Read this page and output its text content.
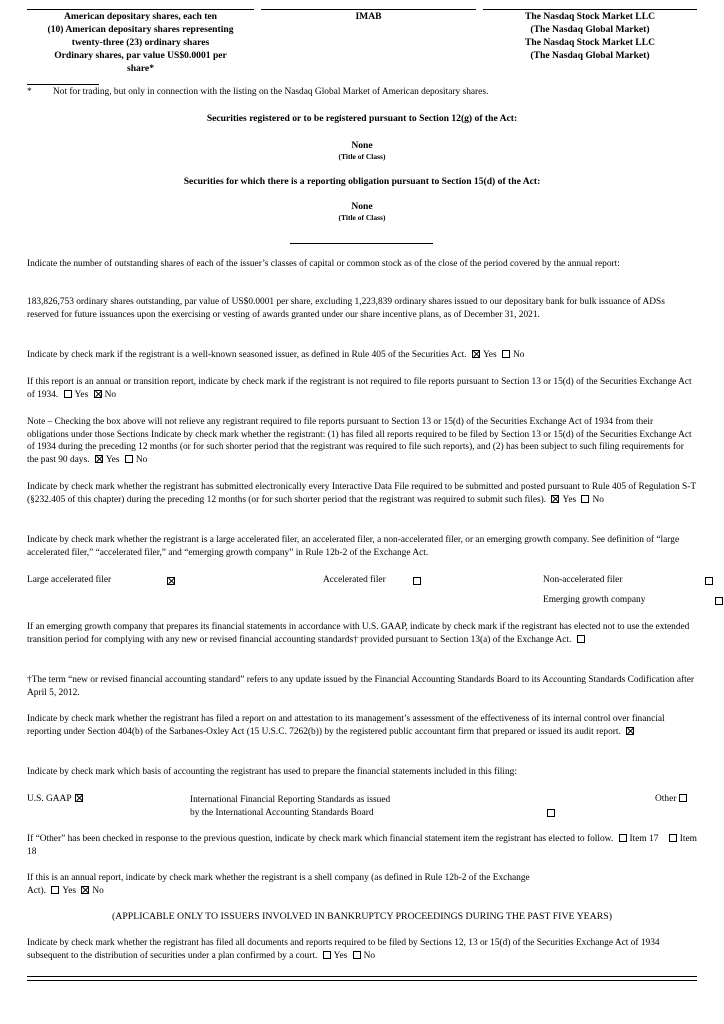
American depositary shares, each ten
(10) American depositary shares representing
twenty-three (23) ordinary shares
Ordinary shares, par value US$0.0001 per
share*
IMAB	The Nasdaq Stock Market LLC
(The Nasdaq Global Market)
The Nasdaq Stock Market LLC
(The Nasdaq Global Market)
* Not for trading, but only in connection with the listing on the Nasdaq Global Market of American depositary shares.
Securities registered or to be registered pursuant to Section 12(g) of the Act:
None
(Title of Class)
Securities for which there is a reporting obligation pursuant to Section 15(d) of the Act:
None
(Title of Class)
Indicate the number of outstanding shares of each of the issuer’s classes of capital or common stock as of the close of the period covered by the annual report:
183,826,753 ordinary shares outstanding, par value of US$0.0001 per share, excluding 1,223,839 ordinary shares issued to our depositary bank for bulk issuance of ADSs reserved for future issuances upon the exercising or vesting of awards granted under our share incentive plans, as of December 31, 2021.
Indicate by check mark if the registrant is a well-known seasoned issuer, as defined in Rule 405 of the Securities Act. Yes No
If this report is an annual or transition report, indicate by check mark if the registrant is not required to file reports pursuant to Section 13 or 15(d) of the Securities Exchange Act of 1934. Yes No
Note – Checking the box above will not relieve any registrant required to file reports pursuant to Section 13 or 15(d) of the Securities Exchange Act of 1934 from their obligations under those Sections Indicate by check mark whether the registrant: (1) has filed all reports required to be filed by Section 13 or 15(d) of the Securities Exchange Act of 1934 during the preceding 12 months (or for such shorter period that the registrant was required to file such reports), and (2) has been subject to such filing requirements for the past 90 days. Yes No
Indicate by check mark whether the registrant has submitted electronically every Interactive Data File required to be submitted and posted pursuant to Rule 405 of Regulation S-T (§232.405 of this chapter) during the preceding 12 months (or for such shorter period that the registrant was required to submit such files). Yes No
Indicate by check mark whether the registrant is a large accelerated filer, an accelerated filer, a non-accelerated filer, or an emerging growth company. See definition of “large accelerated filer,” “accelerated filer,” and “emerging growth company” in Rule 12b-2 of the Exchange Act.
Large accelerated filer
	Accelerated filer
	Non-accelerated filer

Emerging growth company

If an emerging growth company that prepares its financial statements in accordance with U.S. GAAP, indicate by check mark if the registrant has elected not to use the extended transition period for complying with any new or revised financial accounting standards† provided pursuant to Section 13(a) of the Exchange Act.
†The term “new or revised financial accounting standard” refers to any update issued by the Financial Accounting Standards Board to its Accounting Standards Codification after April 5, 2012.
Indicate by check mark whether the registrant has filed a report on and attestation to its management’s assessment of the effectiveness of its internal control over financial reporting under Section 404(b) of the Sarbanes-Oxley Act (15 U.S.C. 7262(b)) by the registered public accountant firm that prepared or issued its audit report.
Indicate by check mark which basis of accounting the registrant has used to prepare the financial statements included in this filing:
U.S. GAAP	International Financial Reporting Standards as issued
by the International Accounting Standards Board
Other
If “Other” has been checked in response to the previous question, indicate by check mark which financial statement item the registrant has elected to follow. Item 17 Item 18
If this is an annual report, indicate by check mark whether the registrant is a shell company (as defined in Rule 12b-2 of the Exchange
Act). Yes No
(APPLICABLE ONLY TO ISSUERS INVOLVED IN BANKRUPTCY PROCEEDINGS DURING THE PAST FIVE YEARS)
Indicate by check mark whether the registrant has filed all documents and reports required to be filed by Sections 12, 13 or 15(d) of the Securities Exchange Act of 1934 subsequent to the distribution of securities under a plan confirmed by a court. Yes No
